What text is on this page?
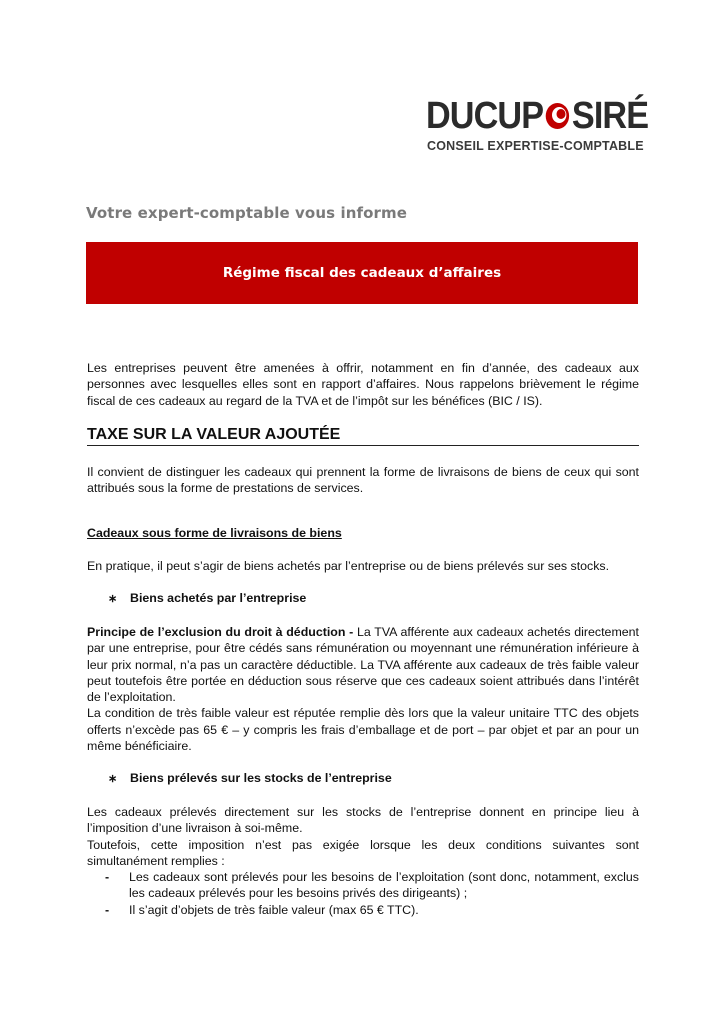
DUCUP SIRÉ
CONSEIL EXPERTISE-COMPTABLE
Votre expert-comptable vous informe
Régime fiscal des cadeaux d’affaires
Les entreprises peuvent être amenées à offrir, notamment en fin d’année, des cadeaux aux personnes avec lesquelles elles sont en rapport d’affaires. Nous rappelons brièvement le régime fiscal de ces cadeaux au regard de la TVA et de l’impôt sur les bénéfices (BIC / IS).
TAXE SUR LA VALEUR AJOUTÉE
Il convient de distinguer les cadeaux qui prennent la forme de livraisons de biens de ceux qui sont attribués sous la forme de prestations de services.
Cadeaux sous forme de livraisons de biens
En pratique, il peut s’agir de biens achetés par l’entreprise ou de biens prélevés sur ses stocks.
∗ Biens achetés par l’entreprise
Principe de l’exclusion du droit à déduction - La TVA afférente aux cadeaux achetés directement par une entreprise, pour être cédés sans rémunération ou moyennant une rémunération inférieure à leur prix normal, n’a pas un caractère déductible. La TVA afférente aux cadeaux de très faible valeur peut toutefois être portée en déduction sous réserve que ces cadeaux soient attribués dans l’intérêt de l’exploitation.
La condition de très faible valeur est réputée remplie dès lors que la valeur unitaire TTC des objets offerts n’excède pas 65 € – y compris les frais d’emballage et de port – par objet et par an pour un même bénéficiaire.
∗ Biens prélevés sur les stocks de l’entreprise
Les cadeaux prélevés directement sur les stocks de l’entreprise donnent en principe lieu à l’imposition d’une livraison à soi-même.
Toutefois, cette imposition n’est pas exigée lorsque les deux conditions suivantes sont simultanément remplies :
-	Les cadeaux sont prélevés pour les besoins de l’exploitation (sont donc, notamment, exclus les cadeaux prélevés pour les besoins privés des dirigeants) ;
-	Il s’agit d’objets de très faible valeur (max 65 € TTC).
